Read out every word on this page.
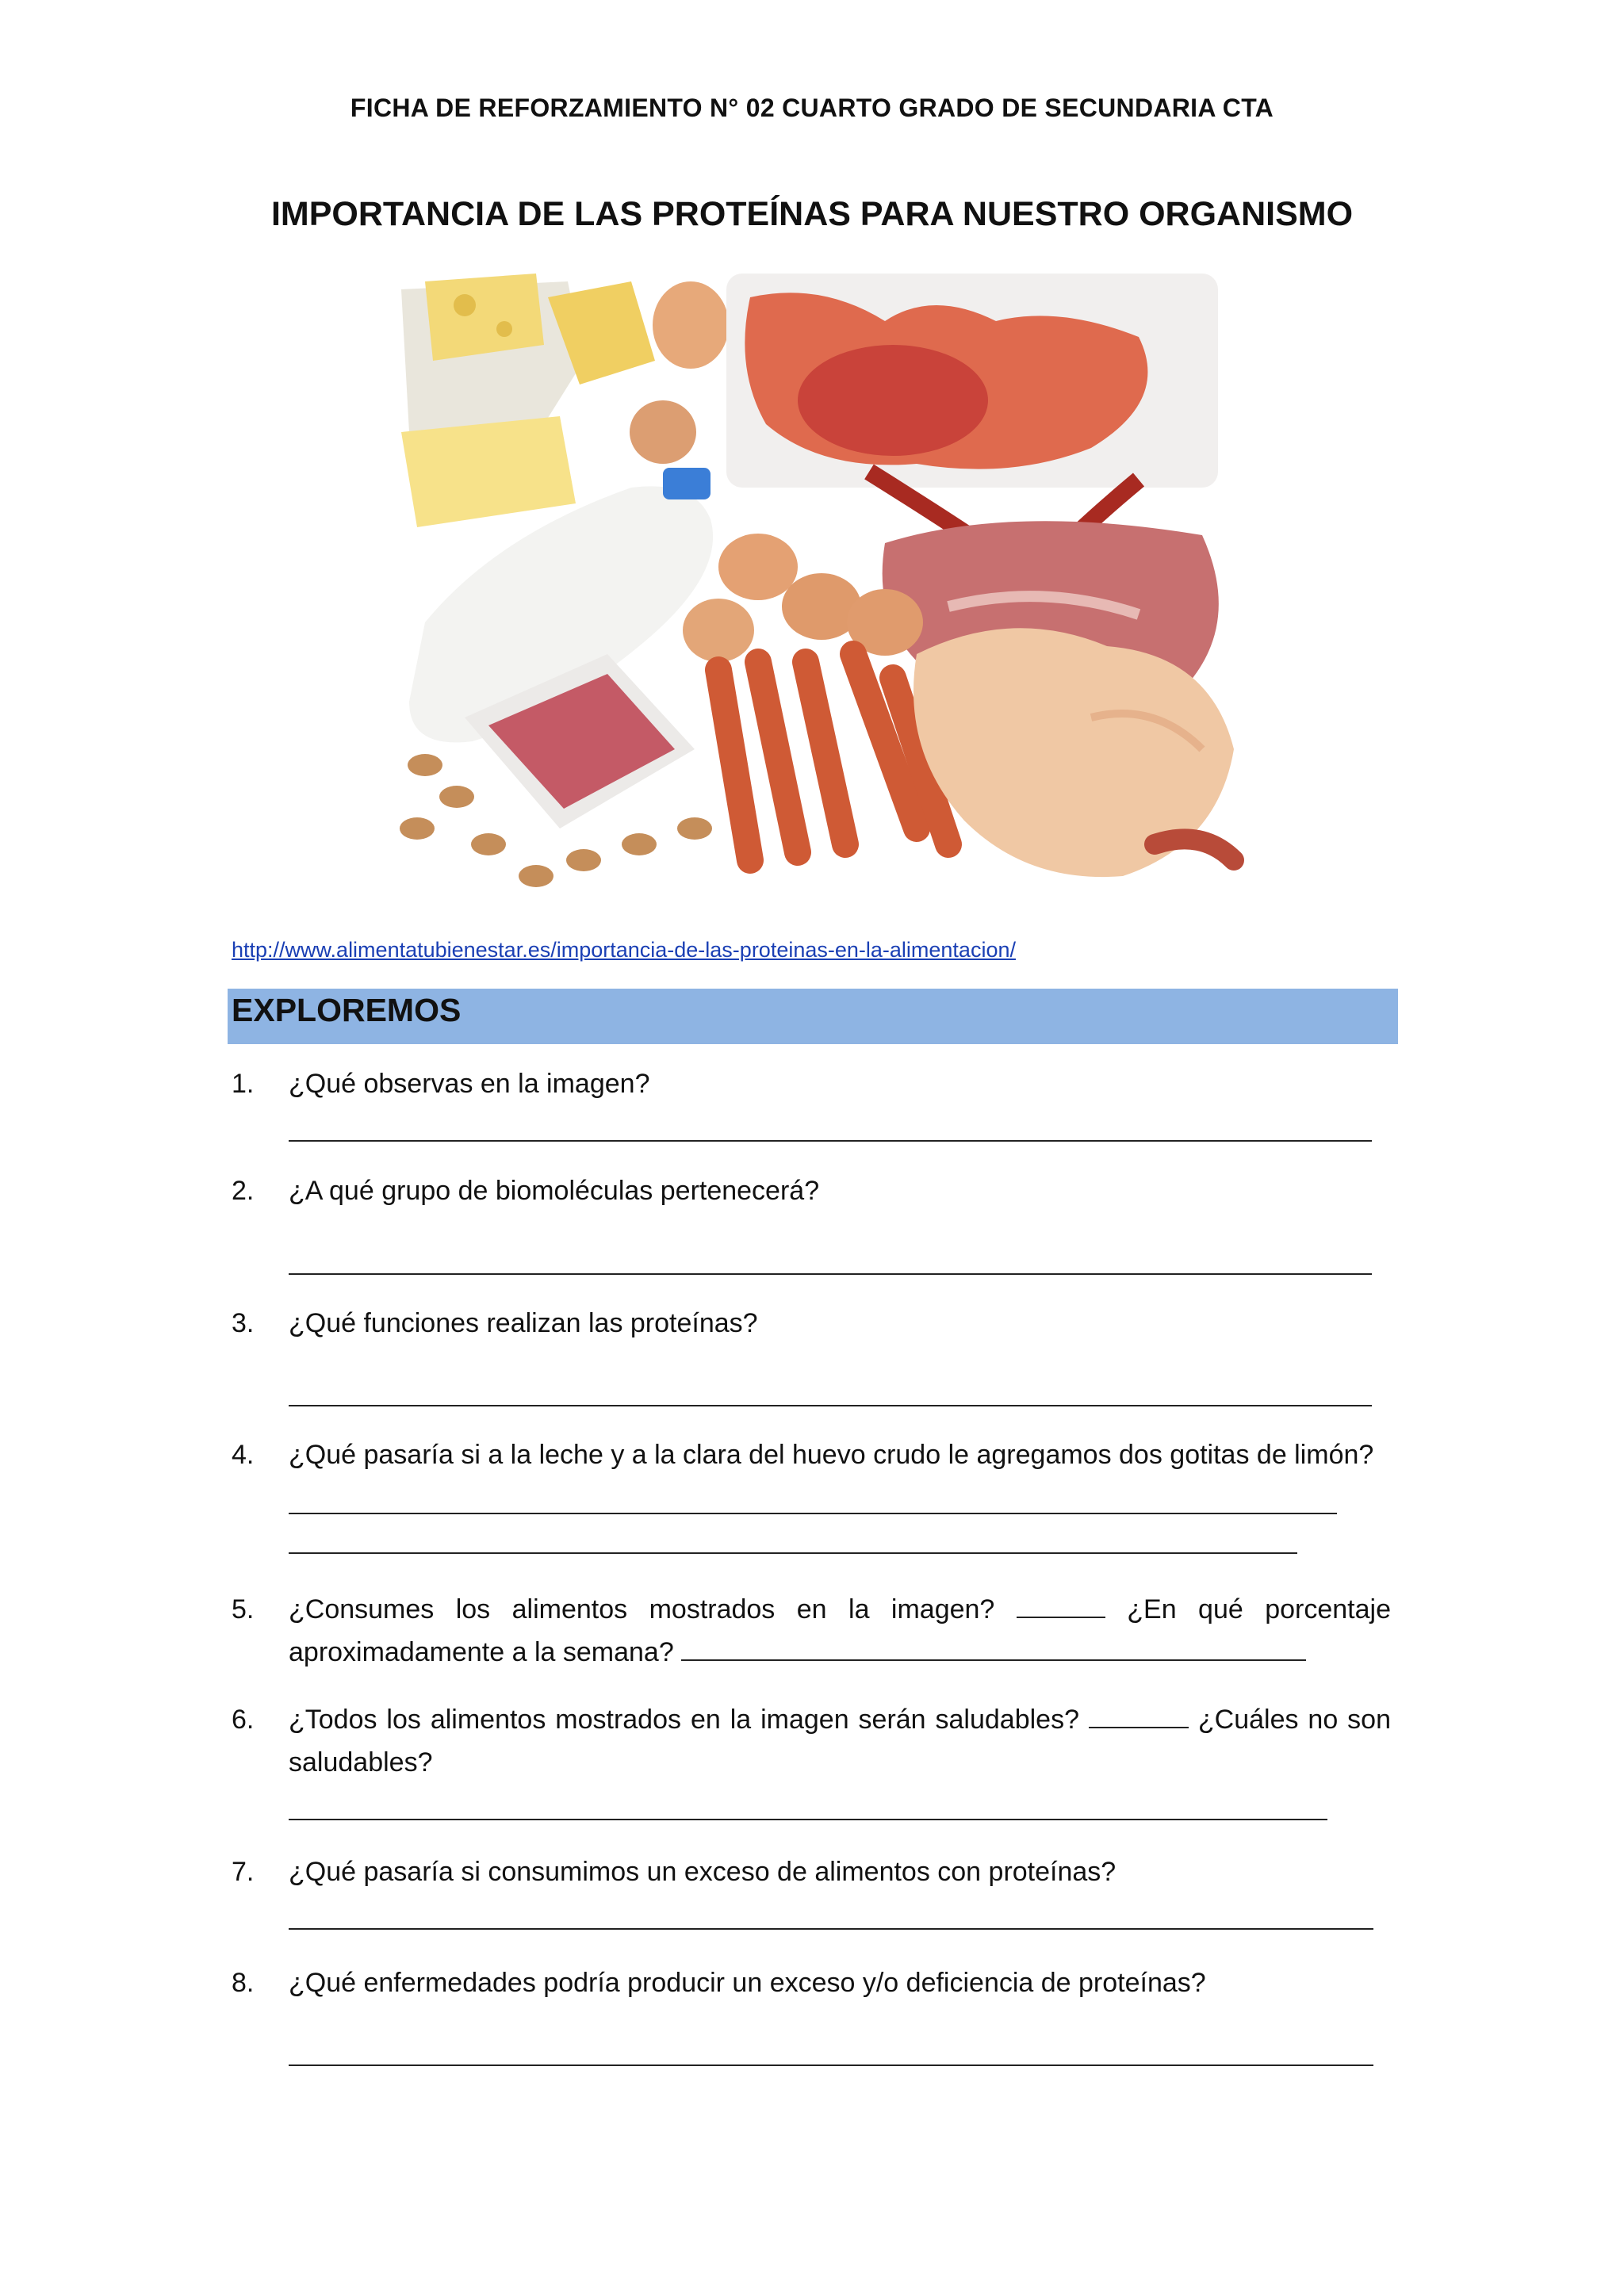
FICHA DE REFORZAMIENTO N° 02 CUARTO GRADO DE SECUNDARIA CTA
IMPORTANCIA DE LAS PROTEÍNAS PARA NUESTRO ORGANISMO
http://www.alimentatubienestar.es/importancia-de-las-proteinas-en-la-alimentacion/
EXPLOREMOS
1. ¿Qué observas en la imagen?
2. ¿A qué grupo de biomoléculas pertenecerá?
3. ¿Qué funciones realizan las proteínas?
4. ¿Qué pasaría si a la leche y a la clara del huevo crudo le agregamos dos gotitas de limón?
5. ¿Consumes los alimentos mostrados en la imagen?	¿En qué porcentaje
aproximadamente a la semana?
6. ¿Todos los alimentos mostrados en la imagen serán saludables?	¿Cuáles no son
saludables?
7. ¿Qué pasaría si consumimos un exceso de alimentos con proteínas?
8. ¿Qué enfermedades podría producir un exceso y/o deficiencia de proteínas?
